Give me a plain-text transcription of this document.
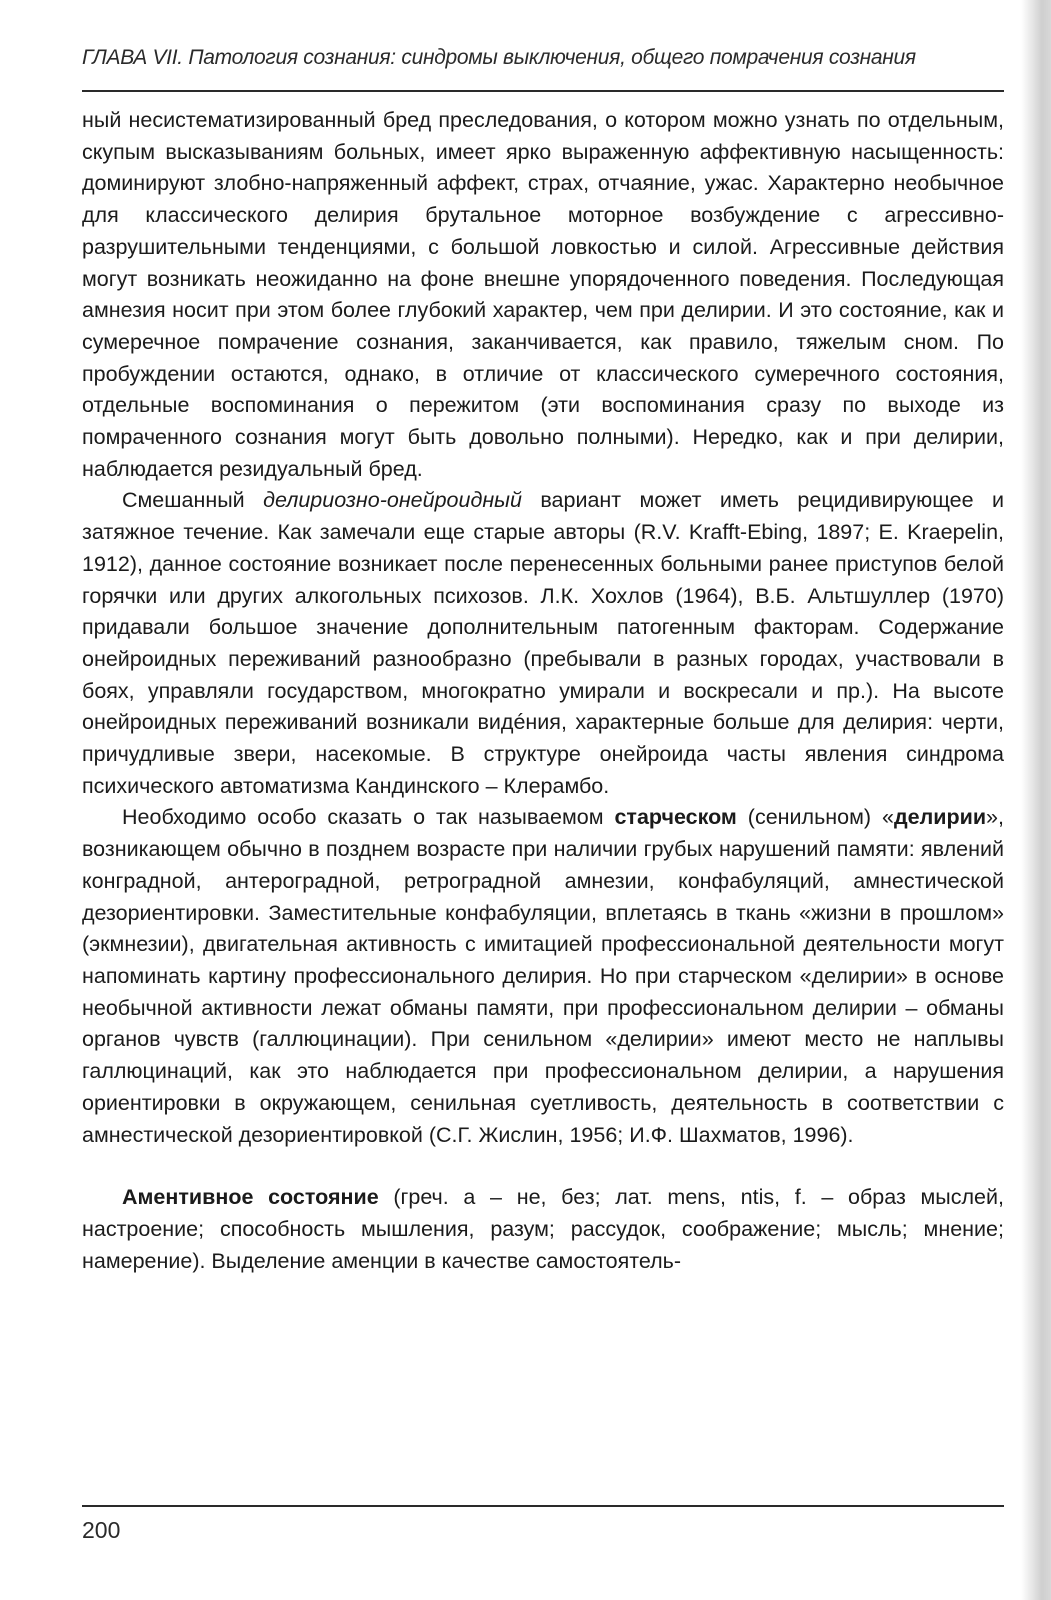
ГЛАВА VII. Патология сознания: синдромы выключения, общего помрачения сознания

ный несистематизированный бред преследования, о котором можно узнать по отдельным, скупым высказываниям больных, имеет ярко выраженную аффективную насыщенность: доминируют злобно-напряженный аффект, страх, отчаяние, ужас. Характерно необычное для классического делирия брутальное моторное возбуждение с агрессивно-разрушительными тенденциями, с большой ловкостью и силой. Агрессивные действия могут возникать неожиданно на фоне внешне упорядоченного поведения. Последующая амнезия носит при этом более глубокий характер, чем при делирии. И это состояние, как и сумеречное помрачение сознания, заканчивается, как правило, тяжелым сном. По пробуждении остаются, однако, в отличие от классического сумеречного состояния, отдельные воспоминания о пережитом (эти воспоминания сразу по выходе из помраченного сознания могут быть довольно полными). Нередко, как и при делирии, наблюдается резидуальный бред.

Смешанный делириозно-онейроидный вариант может иметь рецидивирующее и затяжное течение. Как замечали еще старые авторы (R.V. Krafft-Ebing, 1897; E. Kraepelin, 1912), данное состояние возникает после перенесенных больными ранее приступов белой горячки или других алкогольных психозов. Л.К. Хохлов (1964), В.Б. Альтшуллер (1970) придавали большое значение дополнительным патогенным факторам. Содержание онейроидных переживаний разнообразно (пребывали в разных городах, участвовали в боях, управляли государством, многократно умирали и воскресали и пр.). На высоте онейроидных переживаний возникали видéния, характерные больше для делирия: черти, причудливые звери, насекомые. В структуре онейроида часты явления синдрома психического автоматизма Кандинского – Клерамбо.

Необходимо особо сказать о так называемом старческом (сенильном) «делирии», возникающем обычно в позднем возрасте при наличии грубых нарушений памяти: явлений конградной, антероградной, ретроградной амнезии, конфабуляций, амнестической дезориентировки. Заместительные конфабуляции, вплетаясь в ткань «жизни в прошлом» (экмнезии), двигательная активность с имитацией профессиональной деятельности могут напоминать картину профессионального делирия. Но при старческом «делирии» в основе необычной активности лежат обманы памяти, при профессиональном делирии – обманы органов чувств (галлюцинации). При сенильном «делирии» имеют место не наплывы галлюцинаций, как это наблюдается при профессиональном делирии, а нарушения ориентировки в окружающем, сенильная суетливость, деятельность в соответствии с амнестической дезориентировкой (С.Г. Жислин, 1956; И.Ф. Шахматов, 1996).

Аментивное состояние (греч. a – не, без; лат. mens, ntis, f. – образ мыслей, настроение; способность мышления, разум; рассудок, соображение; мысль; мнение; намерение). Выделение аменции в качестве самостоятель-

200
